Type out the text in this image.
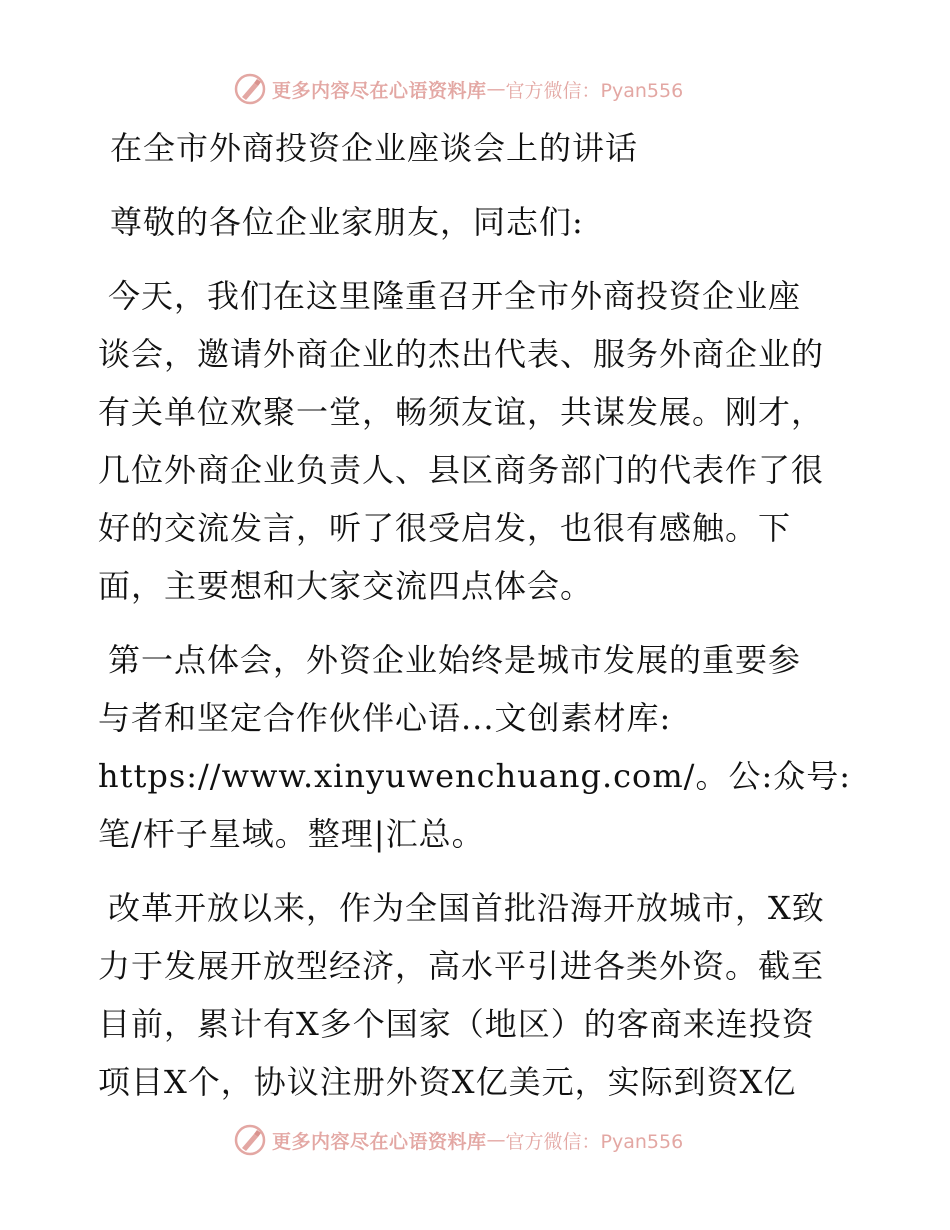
更多内容尽在心语资料库 — 官方微信：Pyan556
在全市外商投资企业座谈会上的讲话
尊敬的各位企业家朋友，同志们:
今天，我们在这里隆重召开全市外商投资企业座
谈会，邀请外商企业的杰出代表、服务外商企业的
有关单位欢聚一堂，畅须友谊，共谋发展。刚才，
几位外商企业负责人、县区商务部门的代表作了很
好的交流发言，听了很受启发，也很有感触。下
面，主要想和大家交流四点体会。
第一点体会，外资企业始终是城市发展的重要参
与者和坚定合作伙伴心语...文创素材库:
https://www.xinyuwenchuang.com/。公:众号:
笔/杆子星域。整理|汇总。
改革开放以来，作为全国首批沿海开放城市，X致
力于发展开放型经济，高水平引进各类外资。截至
目前，累计有X多个国家（地区）的客商来连投资
项目X个，协议注册外资X亿美元，实际到资X亿
更多内容尽在心语资料库 — 官方微信：Pyan556
